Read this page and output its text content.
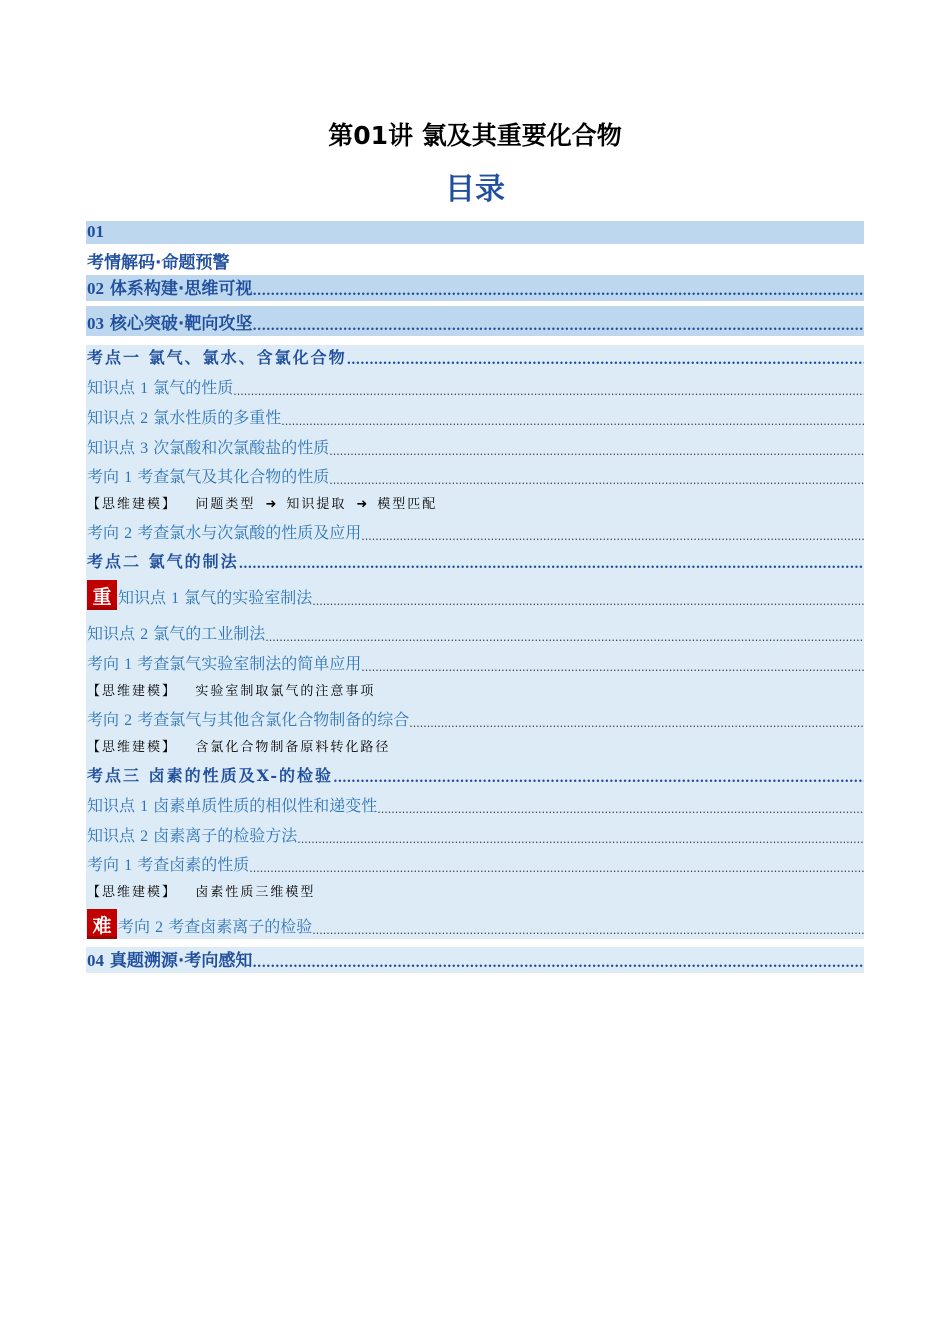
第01讲 氯及其重要化合物
目录
01
考情解码·命题预警
02 体系构建·思维可视
.....
03 核心突破·靶向攻坚
.....
考点一 氯气、氯水、含氯化合物
.....
知识点 1 氯气的性质
.....
知识点 2 氯水性质的多重性
.....
知识点 3 次氯酸和次氯酸盐的性质
.....
考向 1 考查氯气及其化合物的性质
.....
【思维建模】 问题类型 ➜ 知识提取 ➜ 模型匹配
考向 2 考查氯水与次氯酸的性质及应用
.....
考点二 氯气的制法
.....
重 知识点 1 氯气的实验室制法
.....
知识点 2 氯气的工业制法
.....
考向 1 考查氯气实验室制法的简单应用
.....
【思维建模】 实验室制取氯气的注意事项
考向 2 考查氯气与其他含氯化合物制备的综合
.....
【思维建模】 含氯化合物制备原料转化路径
考点三 卤素的性质及X-的检验
.....
知识点 1 卤素单质性质的相似性和递变性
.....
知识点 2 卤素离子的检验方法
.....
考向 1 考查卤素的性质
.....
【思维建模】 卤素性质三维模型
难 考向 2 考查卤素离子的检验
.....
04 真题溯源·考向感知
.....
